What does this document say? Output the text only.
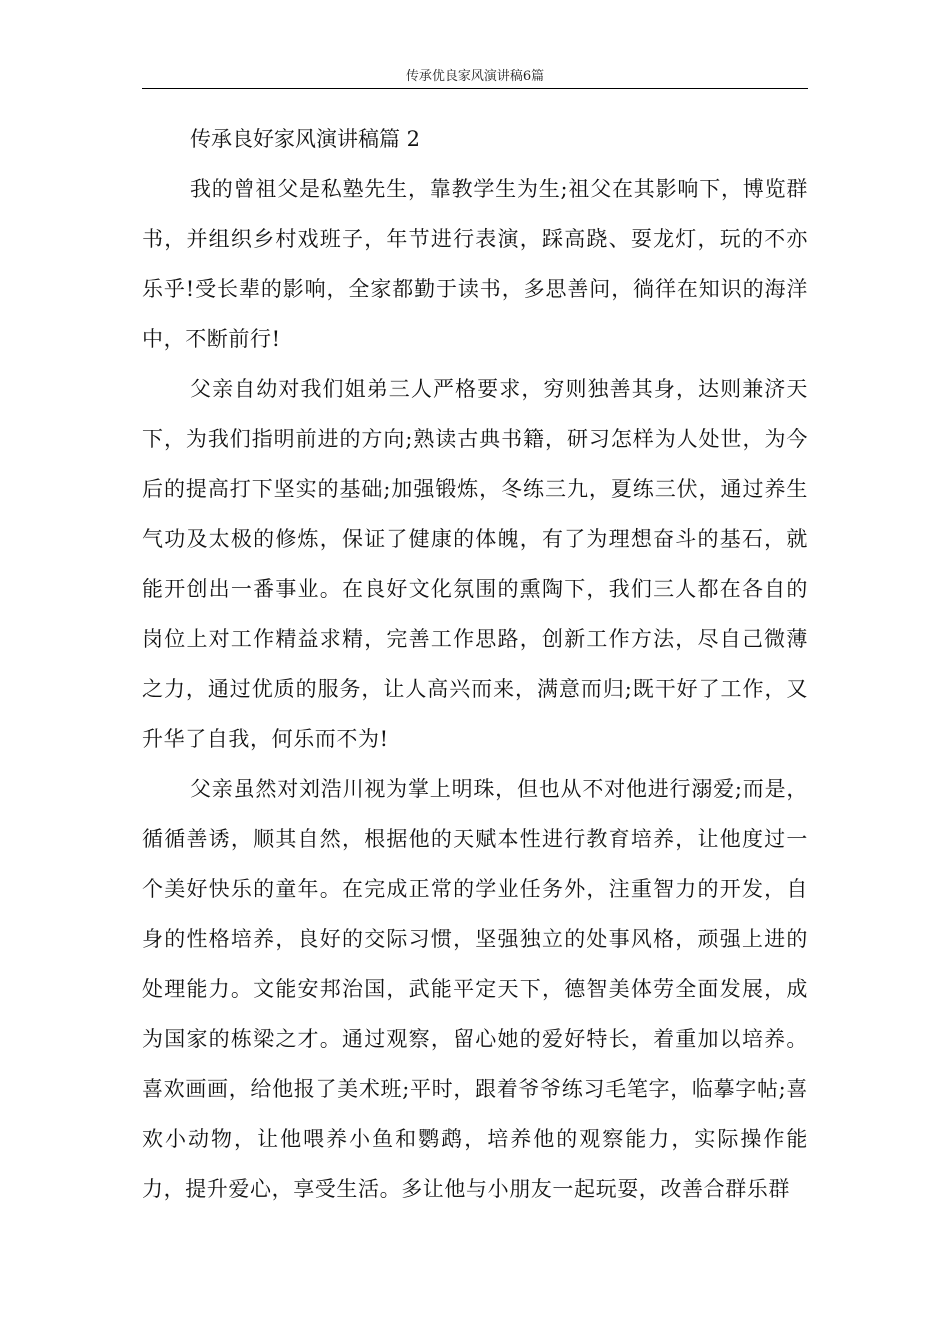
传承优良家风演讲稿6篇

传承良好家风演讲稿篇 2

我的曾祖父是私塾先生，靠教学生为生;祖父在其影响下，博览群书，并组织乡村戏班子，年节进行表演，踩高跷、耍龙灯，玩的不亦乐乎!受长辈的影响，全家都勤于读书，多思善问，徜徉在知识的海洋中，不断前行!

父亲自幼对我们姐弟三人严格要求，穷则独善其身，达则兼济天下，为我们指明前进的方向;熟读古典书籍，研习怎样为人处世，为今后的提高打下坚实的基础;加强锻炼，冬练三九，夏练三伏，通过养生气功及太极的修炼，保证了健康的体魄，有了为理想奋斗的基石，就能开创出一番事业。在良好文化氛围的熏陶下，我们三人都在各自的岗位上对工作精益求精，完善工作思路，创新工作方法，尽自己微薄之力，通过优质的服务，让人高兴而来，满意而归;既干好了工作，又升华了自我，何乐而不为!

父亲虽然对刘浩川视为掌上明珠，但也从不对他进行溺爱;而是，循循善诱，顺其自然，根据他的天赋本性进行教育培养，让他度过一个美好快乐的童年。在完成正常的学业任务外，注重智力的开发，自身的性格培养，良好的交际习惯，坚强独立的处事风格，顽强上进的处理能力。文能安邦治国，武能平定天下，德智美体劳全面发展，成为国家的栋梁之才。通过观察，留心她的爱好特长，着重加以培养。喜欢画画，给他报了美术班;平时，跟着爷爷练习毛笔字，临摹字帖;喜欢小动物，让他喂养小鱼和鹦鹉，培养他的观察能力，实际操作能力，提升爱心，享受生活。多让他与小朋友一起玩耍，改善合群乐群
